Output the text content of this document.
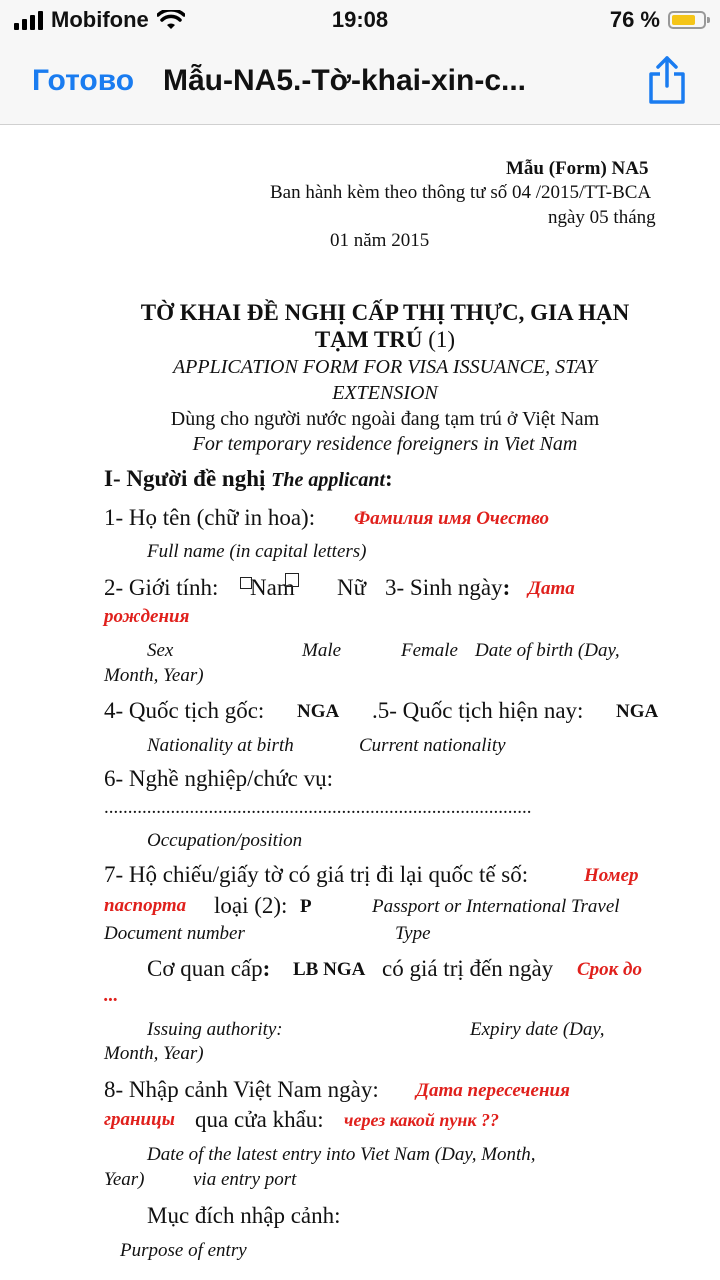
Mobifone	19:08	76 %
Готово Mẫu-NA5.-Tờ-khai-xin-c...
Mẫu (Form) NA5
Ban hành kèm theo thông tư số 04 /2015/TT-BCA
ngày 05 tháng
01 năm 2015
TỜ KHAI ĐỀ NGHỊ CẤP THỊ THỰC, GIA HẠN
TẠM TRÚ (1)
APPLICATION FORM FOR VISA ISSUANCE, STAY
EXTENSION
Dùng cho người nước ngoài đang tạm trú ở Việt Nam
For temporary residence foreigners in Viet Nam
I- Người đề nghị The applicant:
1- Họ tên (chữ in hoa): Фамилия имя Очество
Full name (in capital letters)
2- Giới tính: Nam Nữ 3- Sinh ngày: Дата
рождения
Sex	Male	Female Date of birth (Day,
Month, Year)
4- Quốc tịch gốc: NGA .5- Quốc tịch hiện nay: NGA
Nationality at birth	Current nationality
6- Nghề nghiệp/chức vụ:
..........................................................................................
Occupation/position
7- Hộ chiếu/giấy tờ có giá trị đi lại quốc tế số:	Номер
паспорта loại (2): P	Passport or International Travel
Document number	Type
Cơ quan cấp: LB NGA có giá trị đến ngày Срок до
...
Issuing authority:	Expiry date (Day,
Month, Year)
8- Nhập cảnh Việt Nam ngày: Дата пересечения
границы qua cửa khẩu: через какой пунк ??
Date of the latest entry into Viet Nam (Day, Month,
Year)	via entry port
Mục đích nhập cảnh:
Purpose of entry
